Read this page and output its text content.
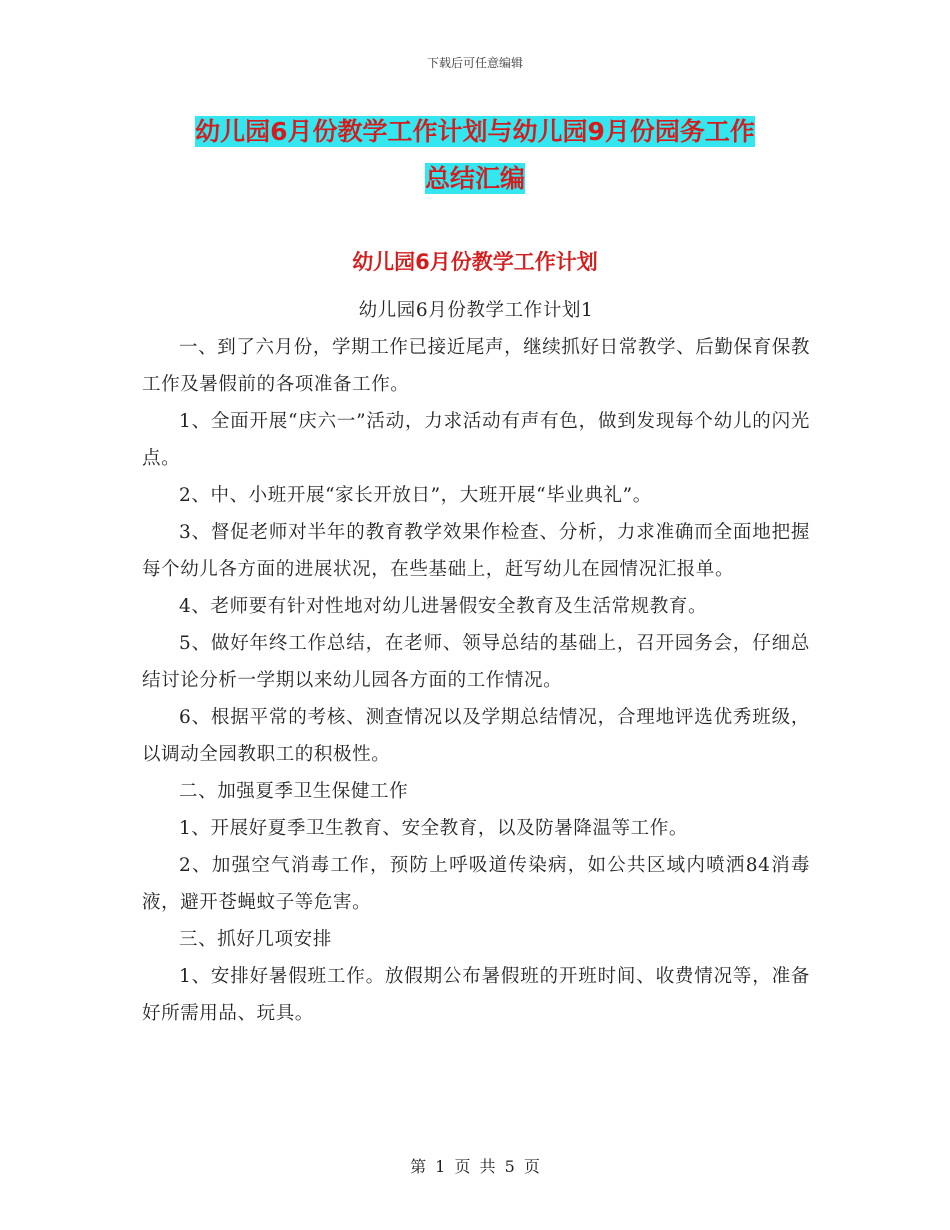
下载后可任意编辑
幼儿园6月份教学工作计划与幼儿园9月份园务工作
总结汇编
幼儿园6月份教学工作计划

幼儿园6月份教学工作计划1

一、到了六月份，学期工作已接近尾声，继续抓好日常教学、后勤保育保教工作及暑假前的各项准备工作。

1、全面开展“庆六一”活动，力求活动有声有色，做到发现每个幼儿的闪光点。

2、中、小班开展“家长开放日”，大班开展“毕业典礼”。

3、督促老师对半年的教育教学效果作检查、分析，力求准确而全面地把握每个幼儿各方面的进展状况，在些基础上，赶写幼儿在园情况汇报单。

4、老师要有针对性地对幼儿进暑假安全教育及生活常规教育。

5、做好年终工作总结，在老师、领导总结的基础上，召开园务会，仔细总结讨论分析一学期以来幼儿园各方面的工作情况。

6、根据平常的考核、测查情况以及学期总结情况，合理地评选优秀班级，以调动全园教职工的积极性。

二、加强夏季卫生保健工作

1、开展好夏季卫生教育、安全教育，以及防暑降温等工作。

2、加强空气消毒工作，预防上呼吸道传染病，如公共区域内喷洒84消毒液，避开苍蝇蚊子等危害。

三、抓好几项安排

1、安排好暑假班工作。放假期公布暑假班的开班时间、收费情况等，准备好所需用品、玩具。

第 1 页 共 5 页
